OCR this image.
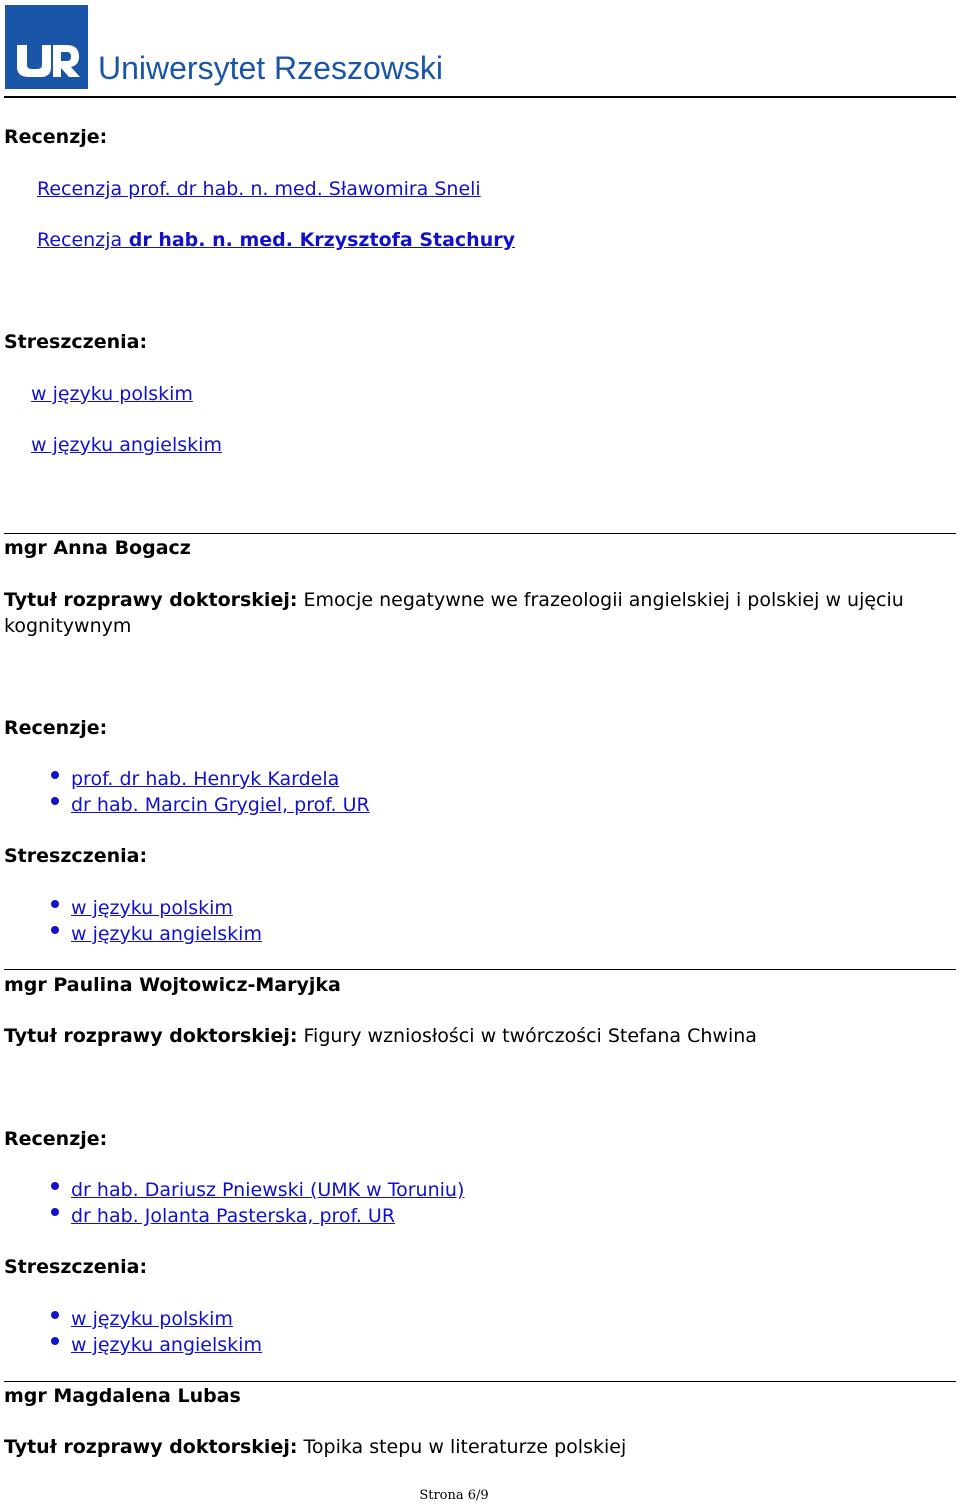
Uniwersytet Rzeszowski
Recenzje:
Recenzja prof. dr hab. n. med. Sławomira Sneli
Recenzja dr hab. n. med. Krzysztofa Stachury
Streszczenia:
w języku polskim
w języku angielskim
mgr Anna Bogacz
Tytuł rozprawy doktorskiej: Emocje negatywne we frazeologii angielskiej i polskiej w ujęciu
kognitywnym
Recenzje:
prof. dr hab. Henryk Kardela
dr hab. Marcin Grygiel, prof. UR
Streszczenia:
w języku polskim
w języku angielskim
mgr Paulina Wojtowicz-Maryjka
Tytuł rozprawy doktorskiej: Figury wzniosłości w twórczości Stefana Chwina
Recenzje:
dr hab. Dariusz Pniewski (UMK w Toruniu)
dr hab. Jolanta Pasterska, prof. UR
Streszczenia:
w języku polskim
w języku angielskim
mgr Magdalena Lubas
Tytuł rozprawy doktorskiej: Topika stepu w literaturze polskiej
Strona 6/9
